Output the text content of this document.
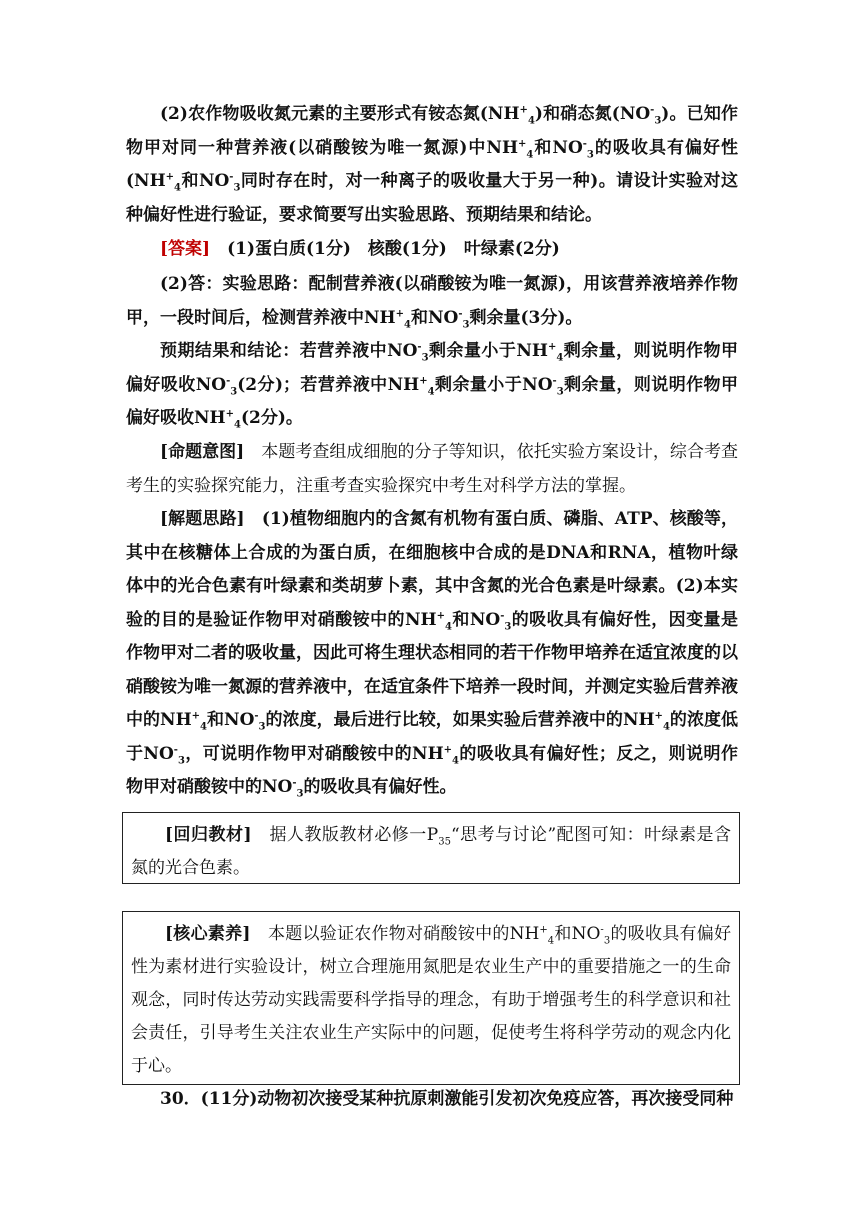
(2)农作物吸收氮元素的主要形式有铵态氮$(NH^+_4)$和硝态氮$(NO^-_3)$。已知作物甲对同一种营养液(以硝酸铵为唯一氮源)中$NH^+_4$和$NO^-_3$的吸收具有偏好性($NH^+_4$和$NO^-_3$同时存在时，对一种离子的吸收量大于另一种)。请设计实验对这种偏好性进行验证，要求简要写出实验思路、预期结果和结论。

[答案]　 (1)蛋白质(1分)　核酸(1分)　叶绿素(2分)

(2)答：实验思路：配制营养液(以硝酸铵为唯一氮源)，用该营养液培养作物甲，一段时间后，检测营养液中$NH^+_4$和$NO^-_3$剩余量(3分)。

预期结果和结论：若营养液中$NO^-_3$剩余量小于$NH^+_4$剩余量，则说明作物甲偏好吸收$NO^-_3(2$分)；若营养液中$NH^+_4$剩余量小于$NO^-_3$剩余量，则说明作物甲偏好吸收$NH^+_4(2$分)。

[命题意图]　 本题考查组成细胞的分子等知识，依托实验方案设计，综合考查考生的实验探究能力，注重考查实验探究中考生对科学方法的掌握。

[解题思路]　 (1)植物细胞内的含氮有机物有蛋白质、磷脂、ATP、核酸等，其中在核糖体上合成的为蛋白质，在细胞核中合成的是DNA和RNA，植物叶绿体中的光合色素有叶绿素和类胡萝卜素，其中含氮的光合色素是叶绿素。(2)本实验的目的是验证作物甲对硝酸铵中的$NH^+_4$和$NO^-_3$的吸收具有偏好性，因变量是作物甲对二者的吸收量，因此可将生理状态相同的若干作物甲培养在适宜浓度的以硝酸铵为唯一氮源的营养液中，在适宜条件下培养一段时间，并测定实验后营养液中的$NH^+_4$和$NO^-_3$的浓度，最后进行比较，如果实验后营养液中的$NH^+_4$的浓度低于$NO^-_3$，可说明作物甲对硝酸铵中的$NH^+_4$的吸收具有偏好性；反之，则说明作物甲对硝酸铵中的$NO^-_3$的吸收具有偏好性。

[回归教材]　 据人教版教材必修一$P_{35}“$思考与讨论”配图可知：叶绿素是含氮的光合色素。

[核心素养]　 本题以验证农作物对硝酸铵中的$NH^+_4$和$NO^-_3$的吸收具有偏好性为素材进行实验设计，树立合理施用氮肥是农业生产中的重要措施之一的生命观念，同时传达劳动实践需要科学指导的理念，有助于增强考生的科学意识和社会责任，引导考生关注农业生产实际中的问题，促使考生将科学劳动的观念内化于心。

30．(11分)动物初次接受某种抗原刺激能引发初次免疫应答，再次接受同种
